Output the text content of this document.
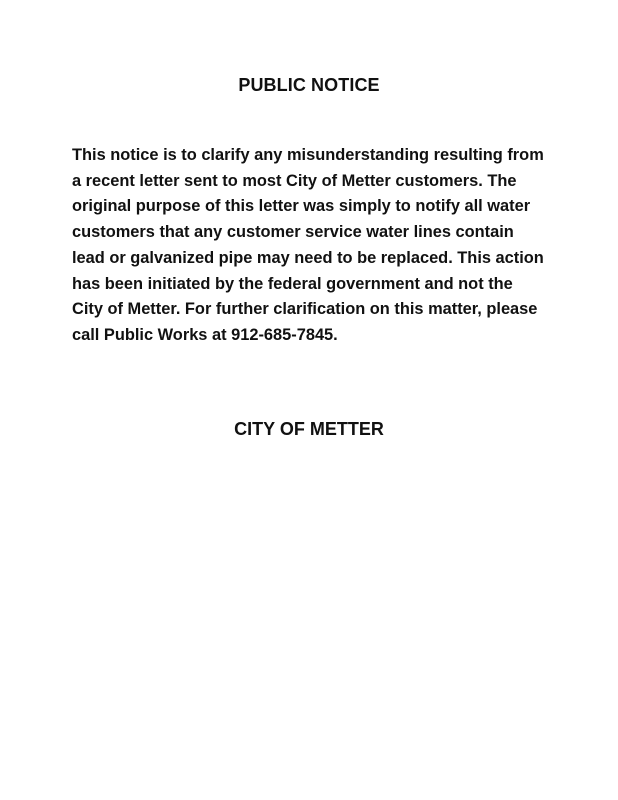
PUBLIC NOTICE

This notice is to clarify any misunderstanding resulting from a recent letter sent to most City of Metter customers. The original purpose of this letter was simply to notify all water customers that any customer service water lines contain lead or galvanized pipe may need to be replaced. This action has been initiated by the federal government and not the City of Metter. For further clarification on this matter, please call Public Works at 912-685-7845.

CITY OF METTER
